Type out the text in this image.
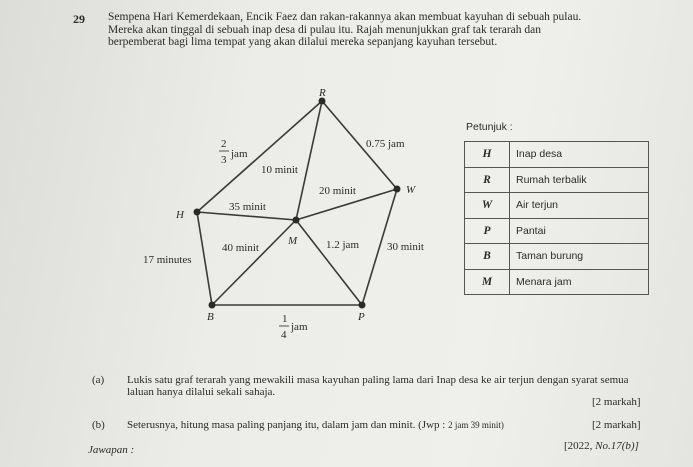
29 Sempena Hari Kemerdekaan, Encik Faez dan rakan-rakannya akan membuat kayuhan di sebuah pulau.
Mereka akan tinggal di sebuah inap desa di pulau itu. Rajah menunjukkan graf tak terarah dan
berpemberat bagi lima tempat yang akan dilalui mereka sepanjang kayuhan tersebut.

R
H
M
W
B	P
2
3 jam
10 minit
0.75 jam
20 minit
35 minit
17 minutes
40 minit	1.2 jam	30 minit
1
4
jam
Petunjuk :
H	Inap desa
R	Rumah terbalik
W	Air terjun
P	Pantai
B	Taman burung
M	Menara jam
(a) Lukis satu graf terarah yang mewakili masa kayuhan paling lama dari Inap desa ke air terjun dengan syarat semua laluan hanya dilalui sekali sahaja.

[2 markah]
(b) Seterusnya, hitung masa paling panjang itu, dalam jam dan minit. (Jwp : 2 jam 39 minit)	[2 markah]
Jawapan :	[2022, No.17(b)]
